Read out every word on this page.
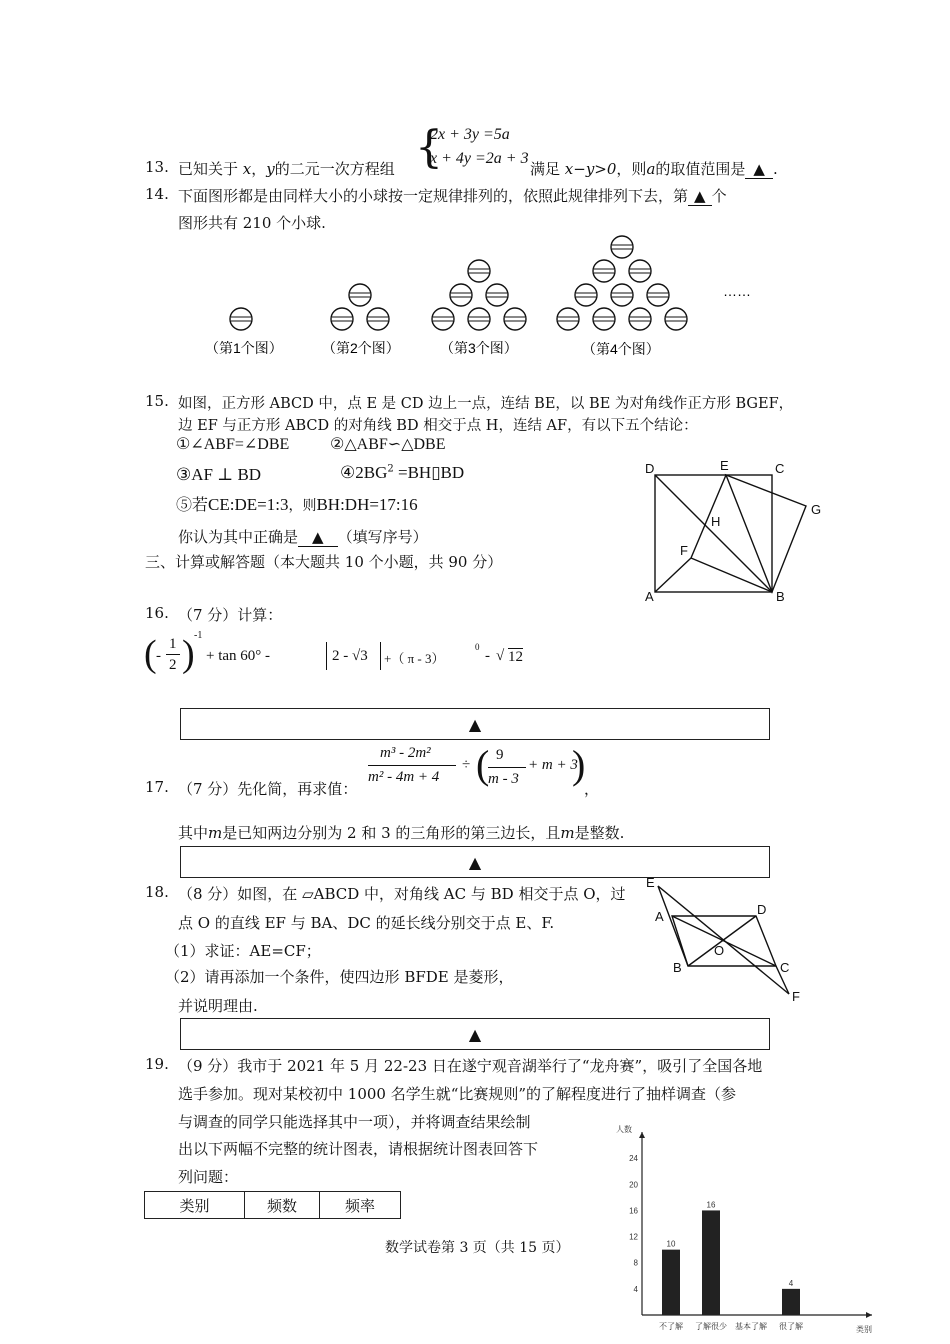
13. 已知关于 x，y的二元一次方程组 {
2x + 3y =5a
x + 4y =2a + 3
满足 x−y>0，则a的取值范围是 ▲ .
14. 下面图形都是由同样大小的小球按一定规律排列的，依照此规律排列下去，第 ▲ 个
图形共有 210 个小球.
……
（第1个图）	（第2个图）	（第3个图）	（第4个图）
15. 如图，正方形 ABCD 中，点 E 是 CD 边上一点，连结 BE，以 BE 为对角线作正方形 BGEF，
边 EF 与正方形 ABCD 的对角线 BD 相交于点 H，连结 AF，有以下五个结论：
①∠ABF=∠DBE	②△ABF∽△DBE
③AF ⊥ BD	$④2BG^2$ =BH▯BD
⑤若CE:DE=1:3，则BH:DH=17:16
你认为其中正确是 ▲ （填写序号）
D	E	C
G
H
F
A	B
三、计算或解答题（本大题共 10 个小题，共 90 分）
16. （7 分）计算：
( -
1
2 ) -1
+ tan 60° -	2 - √3 +（ π - 3）
0
- √ 12
▲
17. （7 分）先化简，再求值：
m³ - 2m²
m² - 4m + 4
÷ ( 9
m - 3
+ m + 3
)
，
其中m是已知两边分别为 2 和 3 的三角形的第三边长，且m是整数.
▲
18. （8 分）如图，在 ▱ABCD 中，对角线 AC 与 BD 相交于点 O，过
点 O 的直线 EF 与 BA、DC 的延长线分别交于点 E、F.
（1）求证：AE=CF；
（2）请再添加一个条件，使四边形 BFDE 是菱形，
并说明理由.
E
A	D
O
B	C
F
▲
19. （9 分）我市于 2021 年 5 月 22-23 日在遂宁观音湖举行了“龙舟赛”，吸引了全国各地
选手参加。现对某校初中 1000 名学生就“比赛规则”的了解程度进行了抽样调查（参
与调查的同学只能选择其中一项），并将调查结果绘制
出以下两幅不完整的统计图表，请根据统计图表回答下
列问题：
类别	频数	频率
人数
类别
4
8
12
16
20
24
10
不了解
16
了解很少 基本了解
4
很了解
数学试卷第 3 页（共 15 页）
